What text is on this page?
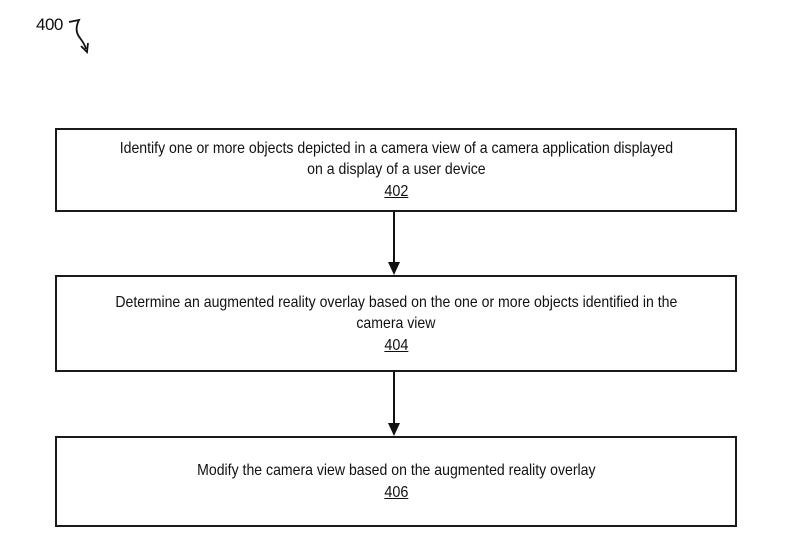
400
Identify one or more objects depicted in a camera view of a camera application displayed
on a display of a user device
402
Determine an augmented reality overlay based on the one or more objects identified in the
camera view
404
Modify the camera view based on the augmented reality overlay
406
